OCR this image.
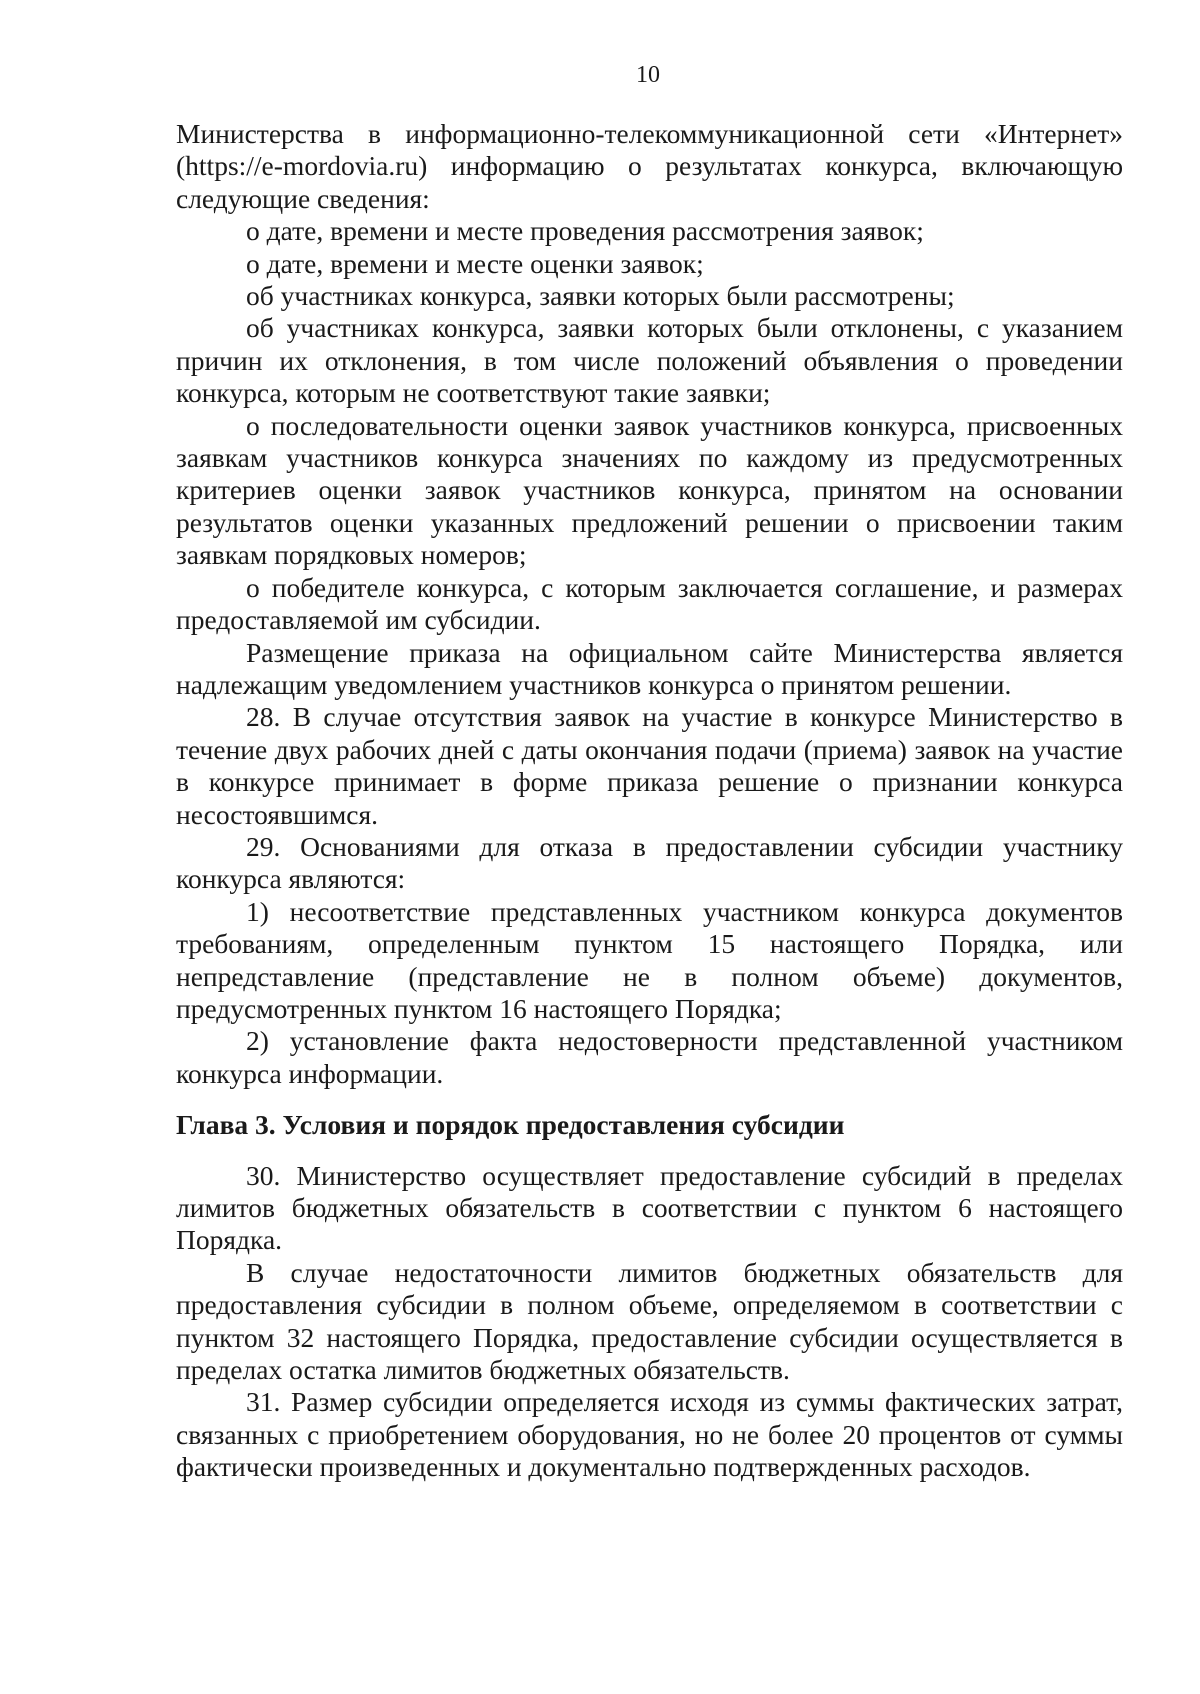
10

Министерства в информационно-телекоммуникационной сети «Интернет» (https://e-mordovia.ru) информацию о результатах конкурса, включающую следующие сведения:

о дате, времени и месте проведения рассмотрения заявок;

о дате, времени и месте оценки заявок;

об участниках конкурса, заявки которых были рассмотрены;

об участниках конкурса, заявки которых были отклонены, с указанием причин их отклонения, в том числе положений объявления о проведении конкурса, которым не соответствуют такие заявки;

о последовательности оценки заявок участников конкурса, присвоенных заявкам участников конкурса значениях по каждому из предусмотренных критериев оценки заявок участников конкурса, принятом на основании результатов оценки указанных предложений решении о присвоении таким заявкам порядковых номеров;

о победителе конкурса, с которым заключается соглашение, и размерах предоставляемой им субсидии.

Размещение приказа на официальном сайте Министерства является надлежащим уведомлением участников конкурса о принятом решении.

28. В случае отсутствия заявок на участие в конкурсе Министерство в течение двух рабочих дней с даты окончания подачи (приема) заявок на участие в конкурсе принимает в форме приказа решение о признании конкурса несостоявшимся.

29. Основаниями для отказа в предоставлении субсидии участнику конкурса являются:

1) несоответствие представленных участником конкурса документов требованиям, определенным пунктом 15 настоящего Порядка, или непредставление (представление не в полном объеме) документов, предусмотренных пунктом 16 настоящего Порядка;

2) установление факта недостоверности представленной участником конкурса информации.

Глава 3. Условия и порядок предоставления субсидии

30. Министерство осуществляет предоставление субсидий в пределах лимитов бюджетных обязательств в соответствии с пунктом 6 настоящего Порядка.

В случае недостаточности лимитов бюджетных обязательств для предоставления субсидии в полном объеме, определяемом в соответствии с пунктом 32 настоящего Порядка, предоставление субсидии осуществляется в пределах остатка лимитов бюджетных обязательств.

31. Размер субсидии определяется исходя из суммы фактических затрат, связанных с приобретением оборудования, но не более 20 процентов от суммы фактически произведенных и документально подтвержденных расходов.
